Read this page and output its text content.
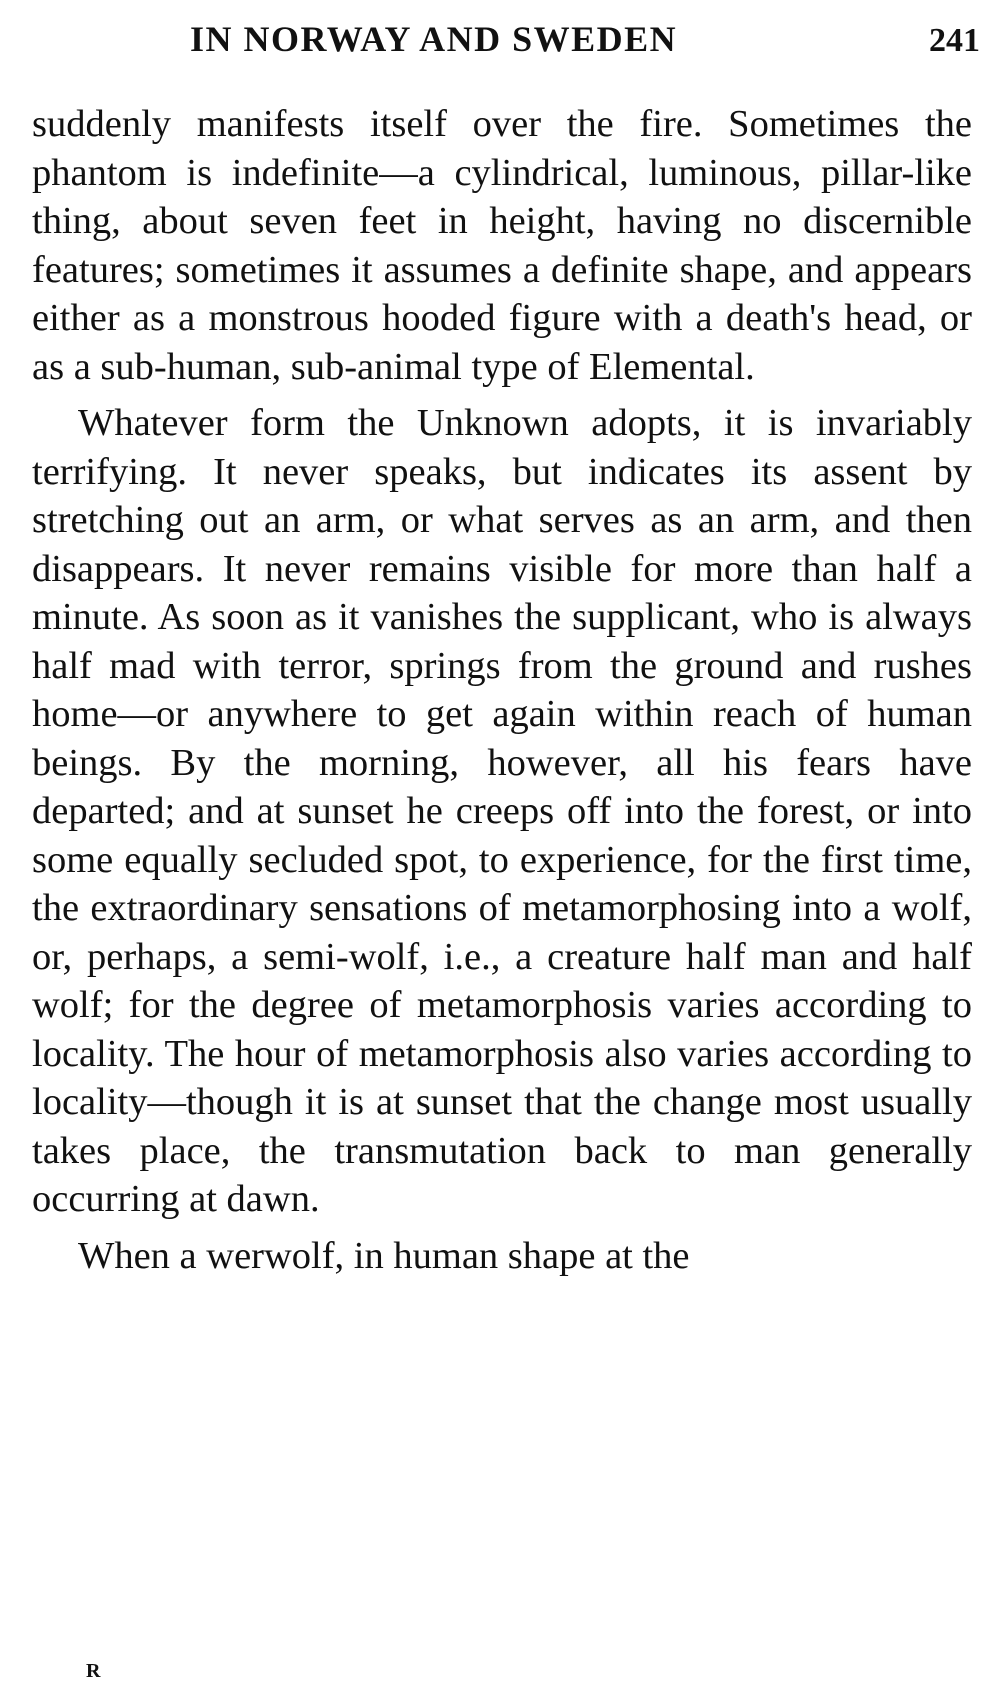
IN NORWAY AND SWEDEN	241

suddenly manifests itself over the fire. Sometimes the phantom is indefinite—a cylindrical, luminous, pillar-like thing, about seven feet in height, having no discernible features; sometimes it assumes a definite shape, and appears either as a monstrous hooded figure with a death's head, or as a sub-human, sub-animal type of Elemental.

Whatever form the Unknown adopts, it is invariably terrifying. It never speaks, but indicates its assent by stretching out an arm, or what serves as an arm, and then disappears. It never remains visible for more than half a minute. As soon as it vanishes the supplicant, who is always half mad with terror, springs from the ground and rushes home—or anywhere to get again within reach of human beings. By the morning, however, all his fears have departed; and at sunset he creeps off into the forest, or into some equally secluded spot, to experience, for the first time, the extraordinary sensations of metamorphosing into a wolf, or, perhaps, a semi-wolf, i.e., a creature half man and half wolf; for the degree of metamorphosis varies according to locality. The hour of metamorphosis also varies according to locality—though it is at sunset that the change most usually takes place, the transmutation back to man generally occurring at dawn.

When a werwolf, in human shape at the

R
